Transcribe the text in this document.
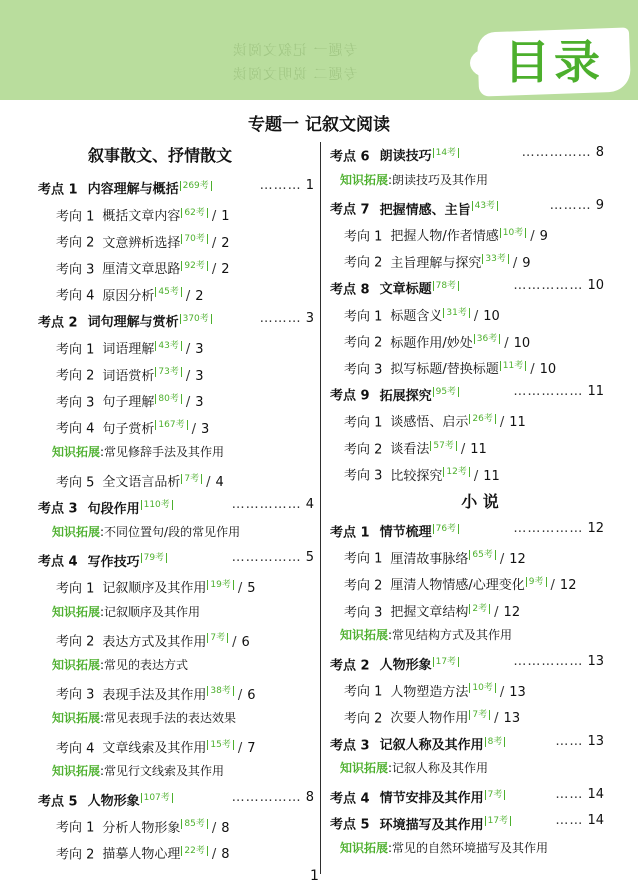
专题一 记叙文阅读
专题二 说明文阅读	目录
专题一 记叙文阅读
叙事散文、抒情散文
考点 1 内容理解与概括 $^{269考}$	……… 1
考向 1 概括文章内容 $^{62考}$ / 1
考向 2 文意辨析选择 $^{70考}$ / 2
考向 3 厘清文章思路 $^{92考}$ / 2
考向 4 原因分析 $^{45考}$ / 2
考点 2 词句理解与赏析 $^{370考}$	……… 3
考向 1 词语理解 $^{43考}$ / 3
考向 2 词语赏析 $^{73考}$ / 3
考向 3 句子理解 $^{80考}$ / 3
考向 4 句子赏析 $^{167考}$ / 3
知识拓展:常见修辞手法及其作用
考向 5 全文语言品析 $^{7考}$ / 4
考点 3 句段作用 $^{110考}$	…………… 4
知识拓展:不同位置句/段的常见作用
考点 4 写作技巧 $^{79考}$	…………… 5
考向 1 记叙顺序及其作用 $^{19考}$ / 5
知识拓展:记叙顺序及其作用
考向 2 表达方式及其作用 $^{7考}$ / 6
知识拓展:常见的表达方式
考向 3 表现手法及其作用 $^{38考}$ / 6
知识拓展:常见表现手法的表达效果
考向 4 文章线索及其作用 $^{15考}$ / 7
知识拓展:常见行文线索及其作用
考点 5 人物形象 $^{107考}$	…………… 8
考向 1 分析人物形象 $^{85考}$ / 8
考向 2 描摹人物心理 $^{22考}$ / 8
小 说
考点 6 朗读技巧 $^{14考}$	…………… 8
知识拓展:朗读技巧及其作用
考点 7 把握情感、主旨 $^{43考}$	……… 9
考向 1 把握人物/作者情感 $^{10考}$ / 9
考向 2 主旨理解与探究 $^{33考}$ / 9
考点 8 文章标题 $^{78考}$	…………… 10
考向 1 标题含义 $^{31考}$ / 10
考向 2 标题作用/妙处 $^{36考}$ / 10
考向 3 拟写标题/替换标题 $^{11考}$ / 10
考点 9 拓展探究 $^{95考}$	…………… 11
考向 1 谈感悟、启示 $^{26考}$ / 11
考向 2 谈看法 $^{57考}$ / 11
考向 3 比较探究 $^{12考}$ / 11
考点 1 情节梳理 $^{76考}$	…………… 12
考向 1 厘清故事脉络 $^{65考}$ / 12
考向 2 厘清人物情感/心理变化 $^{9考}$ / 12
考向 3 把握文章结构 $^{2考}$ / 12
知识拓展:常见结构方式及其作用
考点 2 人物形象 $^{17考}$	…………… 13
考向 1 人物塑造方法 $^{10考}$ / 13
考向 2 次要人物作用 $^{7考}$ / 13
考点 3 记叙人称及其作用 $^{8考}$	…… 13
知识拓展:记叙人称及其作用
考点 4 情节安排及其作用 $^{7考}$	…… 14
考点 5 环境描写及其作用 $^{17考}$	…… 14
知识拓展:常见的自然环境描写及其作用
1
